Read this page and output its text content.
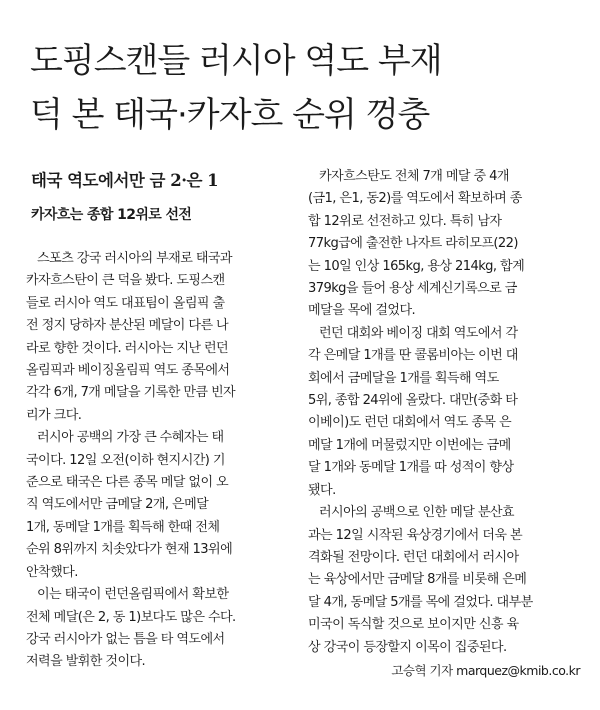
도핑스캔들 러시아 역도 부재
덕 본 태국·카자흐 순위 껑충
태국 역도에서만 금 2·은 1
카자흐는 종합 12위로 선전
스포츠 강국 러시아의 부재로 태국과
카자흐스탄이 큰 덕을 봤다. 도핑스캔
들로 러시아 역도 대표팀이 올림픽 출
전 정지 당하자 분산된 메달이 다른 나
라로 향한 것이다. 러시아는 지난 런던
올림픽과 베이징올림픽 역도 종목에서
각각 6개, 7개 메달을 기록한 만큼 빈자
리가 크다.
러시아 공백의 가장 큰 수혜자는 태
국이다. 12일 오전(이하 현지시간) 기
준으로 태국은 다른 종목 메달 없이 오
직 역도에서만 금메달 2개, 은메달
1개, 동메달 1개를 획득해 한때 전체
순위 8위까지 치솟았다가 현재 13위에
안착했다.
이는 태국이 런던올림픽에서 확보한
전체 메달(은 2, 동 1)보다도 많은 수다.
강국 러시아가 없는 틈을 타 역도에서
저력을 발휘한 것이다.
카자흐스탄도 전체 7개 메달 중 4개
(금1, 은1, 동2)를 역도에서 확보하며 종
합 12위로 선전하고 있다. 특히 남자
77kg급에 출전한 나자트 라히모프(22)
는 10일 인상 165kg, 용상 214kg, 합계
379kg을 들어 용상 세계신기록으로 금
메달을 목에 걸었다.
런던 대회와 베이징 대회 역도에서 각
각 은메달 1개를 딴 콜롬비아는 이번 대
회에서 금메달을 1개를 획득해 역도
5위, 종합 24위에 올랐다. 대만(중화 타
이베이)도 런던 대회에서 역도 종목 은
메달 1개에 머물렀지만 이번에는 금메
달 1개와 동메달 1개를 따 성적이 향상
됐다.
러시아의 공백으로 인한 메달 분산효
과는 12일 시작된 육상경기에서 더욱 본
격화될 전망이다. 런던 대회에서 러시아
는 육상에서만 금메달 8개를 비롯해 은메
달 4개, 동메달 5개를 목에 걸었다. 대부분
미국이 독식할 것으로 보이지만 신흥 육
상 강국이 등장할지 이목이 집중된다.
고승혁 기자 marquez@kmib.co.kr
